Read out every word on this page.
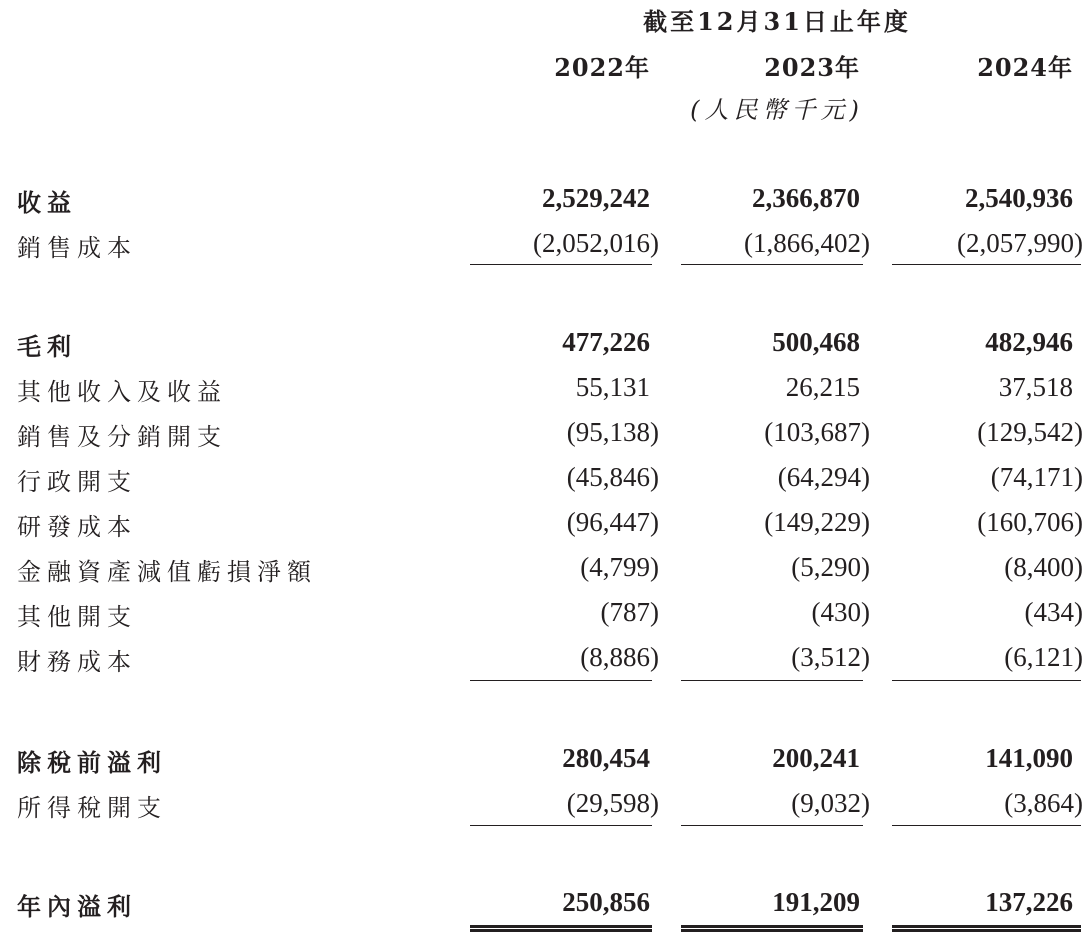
截至12月31日止年度
2022年	2023年	2024年
(人民幣千元)
收益	2,529,242	2,366,870	2,540,936
銷售成本	(2,052,016)	(1,866,402)	(2,057,990)
毛利	477,226	500,468	482,946
其他收入及收益	55,131	26,215	37,518
銷售及分銷開支	(95,138)	(103,687)	(129,542)
行政開支	(45,846)	(64,294)	(74,171)
研發成本	(96,447)	(149,229)	(160,706)
金融資產減值虧損淨額	(4,799)	(5,290)	(8,400)
其他開支	(787)	(430)	(434)
財務成本	(8,886)	(3,512)	(6,121)
除稅前溢利	280,454	200,241	141,090
所得稅開支	(29,598)	(9,032)	(3,864)
年內溢利	250,856	191,209	137,226
